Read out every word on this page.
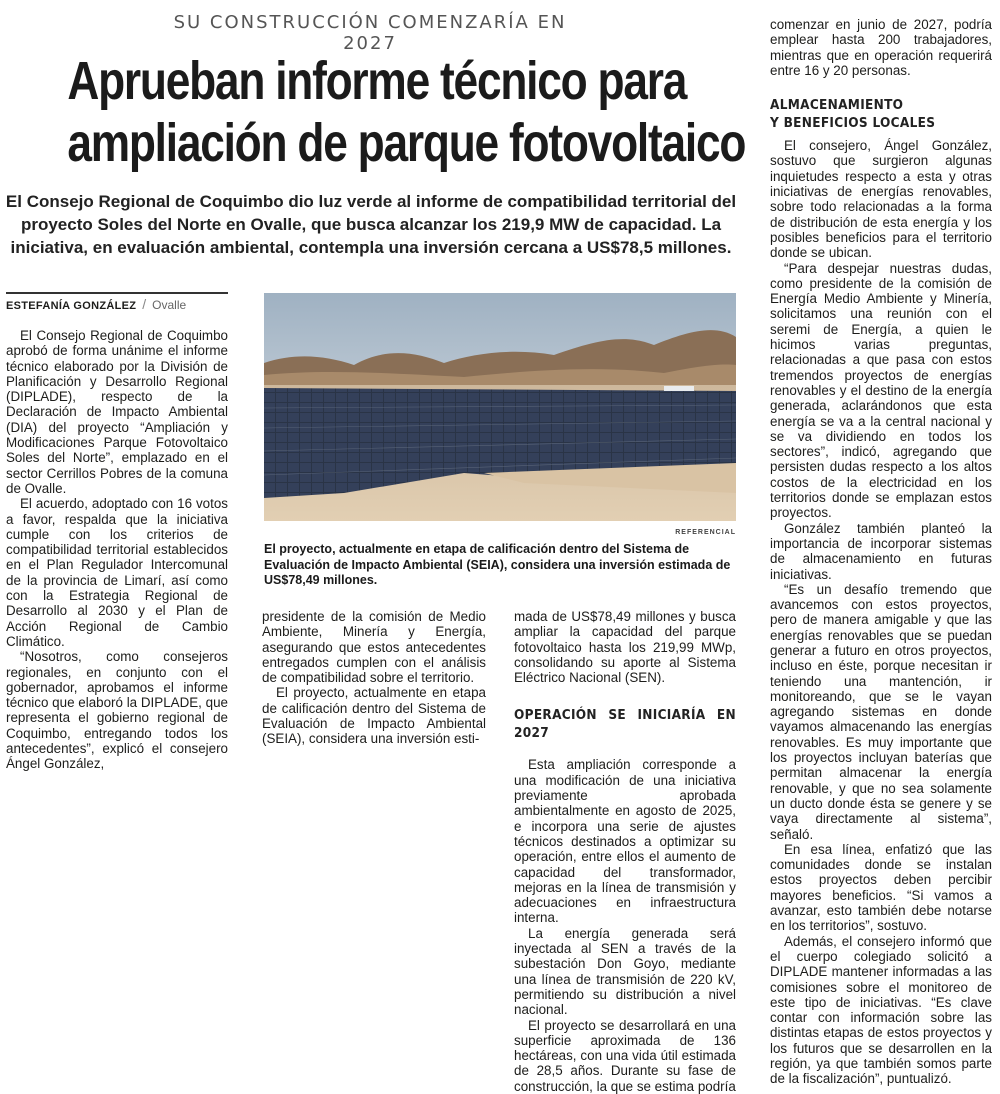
SU CONSTRUCCIÓN COMENZARÍA EN 2027
Aprueban informe técnico para
ampliación de parque fotovoltaico
El Consejo Regional de Coquimbo dio luz verde al informe de compatibilidad territorial del proyecto Soles del Norte en Ovalle, que busca alcanzar los 219,9 MW de capacidad. La iniciativa, en evaluación ambiental, contempla una inversión cercana a US$78,5 millones.
ESTEFANÍA GONZÁLEZ / Ovalle

El Consejo Regional de Coquimbo aprobó de forma unánime el informe técnico elaborado por la División de Planificación y Desarrollo Regional (DIPLADE), respecto de la Declaración de Impacto Ambiental (DIA) del proyecto “Ampliación y Modificaciones Parque Fotovoltaico Soles del Norte”, emplazado en el sector Cerrillos Pobres de la comuna de Ovalle.

El acuerdo, adoptado con 16 votos a favor, respalda que la iniciativa cumple con los criterios de compatibilidad territorial establecidos en el Plan Regulador Intercomunal de la provincia de Limarí, así como con la Estrategia Regional de Desarrollo al 2030 y el Plan de Acción Regional de Cambio Climático.

“Nosotros, como consejeros regionales, en conjunto con el gobernador, aprobamos el informe técnico que elaboró la DIPLADE, que representa el gobierno regional de Coquimbo, entregando todos los antecedentes”, explicó el consejero Ángel González,

REFERENCIAL
El proyecto, actualmente en etapa de calificación dentro del Sistema de Evaluación de Impacto Ambiental (SEIA), considera una inversión estimada de US$78,49 millones.

presidente de la comisión de Medio Ambiente, Minería y Energía, asegurando que estos antecedentes entregados cumplen con el análisis de compatibilidad sobre el territorio.

El proyecto, actualmente en etapa de calificación dentro del Sistema de Evaluación de Impacto Ambiental (SEIA), considera una inversión esti-

mada de US$78,49 millones y busca ampliar la capacidad del parque fotovoltaico hasta los 219,99 MWp, consolidando su aporte al Sistema Eléctrico Nacional (SEN).

OPERACIÓN SE INICIARÍA EN 2027

Esta ampliación corresponde a una modificación de una iniciativa previamente aprobada ambientalmente en agosto de 2025, e incorpora una serie de ajustes técnicos destinados a optimizar su operación, entre ellos el aumento de capacidad del transformador, mejoras en la línea de transmisión y adecuaciones en infraestructura interna.

La energía generada será inyectada al SEN a través de la subestación Don Goyo, mediante una línea de transmisión de 220 kV, permitiendo su distribución a nivel nacional.

El proyecto se desarrollará en una superficie aproximada de 136 hectáreas, con una vida útil estimada de 28,5 años. Durante su fase de construcción, la que se estima podría

comenzar en junio de 2027, podría emplear hasta 200 trabajadores, mientras que en operación requerirá entre 16 y 20 personas.

ALMACENAMIENTO
Y BENEFICIOS LOCALES

El consejero, Ángel González, sostuvo que surgieron algunas inquietudes respecto a esta y otras iniciativas de energías renovables, sobre todo relacionadas a la forma de distribución de esta energía y los posibles beneficios para el territorio donde se ubican.

“Para despejar nuestras dudas, como presidente de la comisión de Energía Medio Ambiente y Minería, solicitamos una reunión con el seremi de Energía, a quien le hicimos varias preguntas, relacionadas a que pasa con estos tremendos proyectos de energías renovables y el destino de la energía generada, aclarándonos que esta energía se va a la central nacional y se va dividiendo en todos los sectores”, indicó, agregando que persisten dudas respecto a los altos costos de la electricidad en los territorios donde se emplazan estos proyectos.

González también planteó la importancia de incorporar sistemas de almacenamiento en futuras iniciativas.

“Es un desafío tremendo que avancemos con estos proyectos, pero de manera amigable y que las energías renovables que se puedan generar a futuro en otros proyectos, incluso en éste, porque necesitan ir teniendo una mantención, ir monitoreando, que se le vayan agregando sistemas en donde vayamos almacenando las energías renovables. Es muy importante que los proyectos incluyan baterías que permitan almacenar la energía renovable, y que no sea solamente un ducto donde ésta se genere y se vaya directamente al sistema”, señaló.

En esa línea, enfatizó que las comunidades donde se instalan estos proyectos deben percibir mayores beneficios. “Si vamos a avanzar, esto también debe notarse en los territorios”, sostuvo.

Además, el consejero informó que el cuerpo colegiado solicitó a DIPLADE mantener informadas a las comisiones sobre el monitoreo de este tipo de iniciativas. “Es clave contar con información sobre las distintas etapas de estos proyectos y los futuros que se desarrollen en la región, ya que también somos parte de la fiscalización”, puntualizó.
